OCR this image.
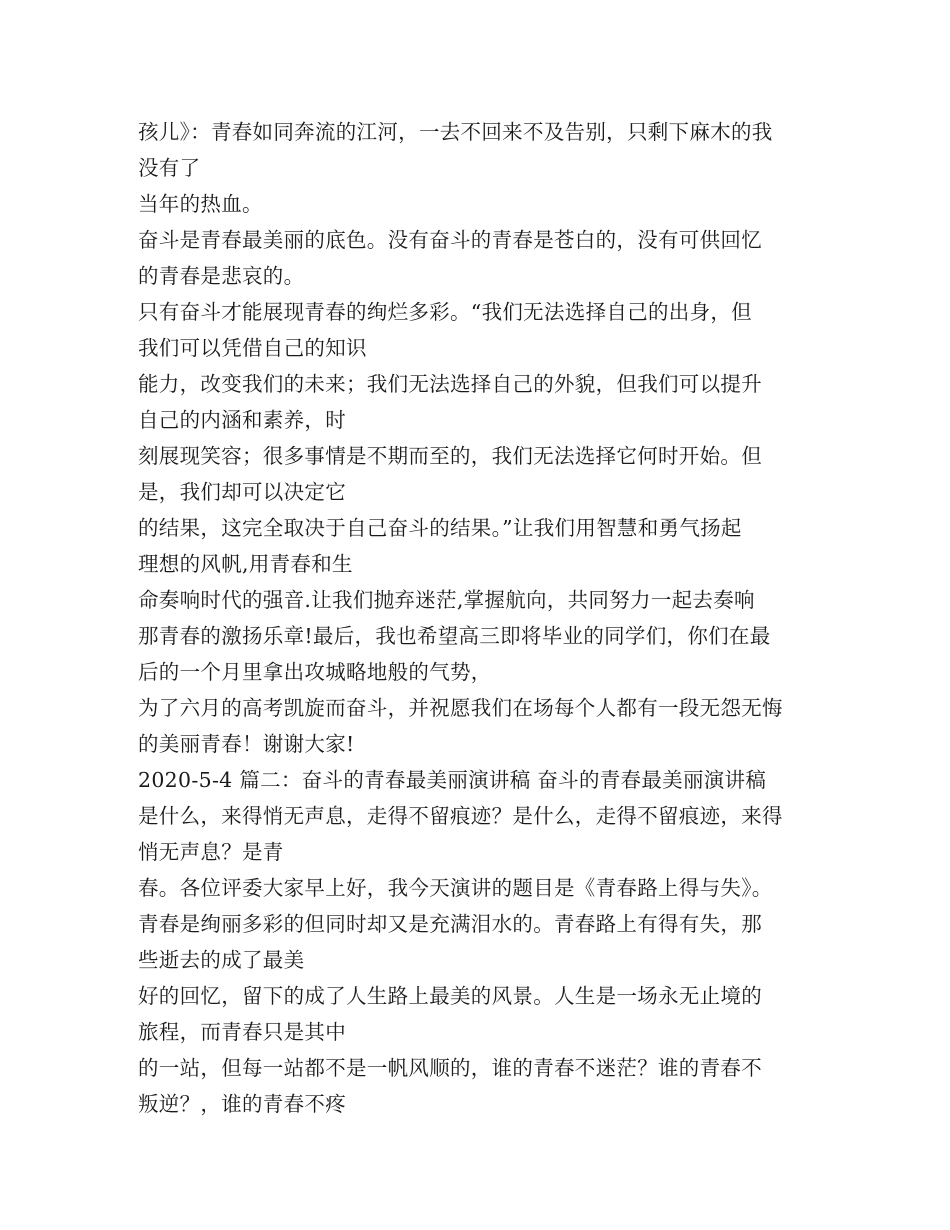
孩儿》：青春如同奔流的江河，一去不回来不及告别，只剩下麻木的我
没有了
当年的热血。
奋斗是青春最美丽的底色。没有奋斗的青春是苍白的，没有可供回忆
的青春是悲哀的。
只有奋斗才能展现青春的绚烂多彩。“我们无法选择自己的出身，但
我们可以凭借自己的知识
能力，改变我们的未来；我们无法选择自己的外貌，但我们可以提升
自己的内涵和素养，时
刻展现笑容；很多事情是不期而至的，我们无法选择它何时开始。但
是，我们却可以决定它
的结果，这完全取决于自己奋斗的结果。”让我们用智慧和勇气扬起
理想的风帆,用青春和生
命奏响时代的强音.让我们抛弃迷茫,掌握航向，共同努力一起去奏响
那青春的激扬乐章!最后，我也希望高三即将毕业的同学们，你们在最
后的一个月里拿出攻城略地般的气势，
为了六月的高考凯旋而奋斗，并祝愿我们在场每个人都有一段无怨无悔
的美丽青春！谢谢大家!
2020-5-4 篇二：奋斗的青春最美丽演讲稿 奋斗的青春最美丽演讲稿
是什么，来得悄无声息，走得不留痕迹？是什么，走得不留痕迹，来得
悄无声息？是青
春。各位评委大家早上好，我今天演讲的题目是《青春路上得与失》。
青春是绚丽多彩的但同时却又是充满泪水的。青春路上有得有失，那
些逝去的成了最美
好的回忆，留下的成了人生路上最美的风景。人生是一场永无止境的
旅程，而青春只是其中
的一站，但每一站都不是一帆风顺的，谁的青春不迷茫？谁的青春不
叛逆？，谁的青春不疼
